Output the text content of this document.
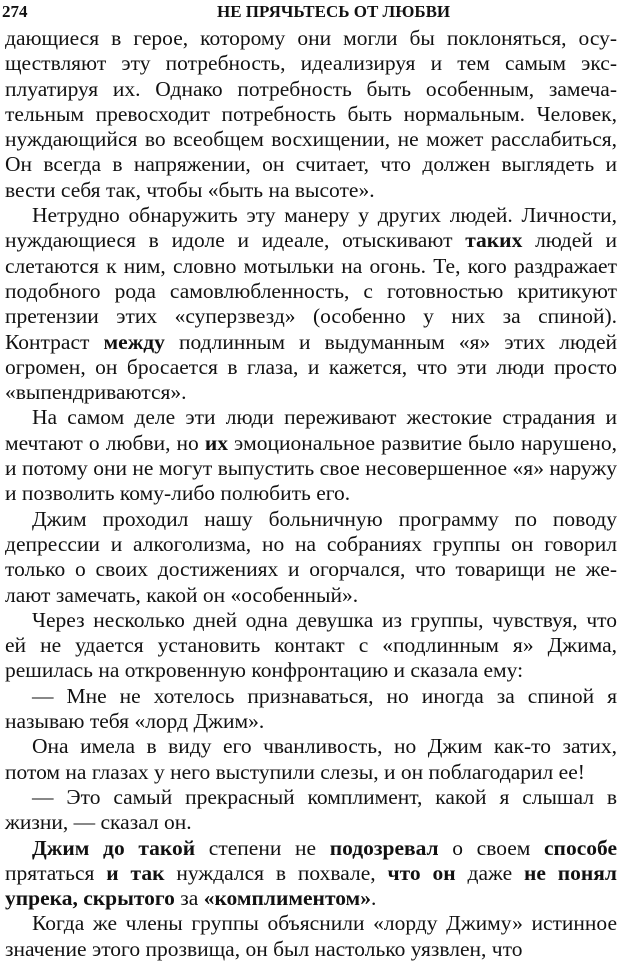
274	НЕ ПРЯЧЬТЕСЬ ОТ ЛЮБВИ
дающиеся в герое, которому они могли бы поклоняться, осу-
ществляют эту потребность, идеализируя и тем самым экс-
плуатируя их. Однако потребность быть особенным, замеча-
тельным превосходит потребность быть нормальным. Человек,
нуждающийся во всеобщем восхищении, не может расслабиться,
Он всегда в напряжении, он считает, что должен выглядеть и
вести себя так, чтобы «быть на высоте».
Нетрудно обнаружить эту манеру у других людей. Личности,
нуждающиеся в идоле и идеале, отыскивают таких людей и
слетаются к ним, словно мотыльки на огонь. Те, кого раздражает
подобного рода самовлюбленность, с готовностью критикуют
претензии этих «суперзвезд» (особенно у них за спиной).
Контраст между подлинным и выдуманным «я» этих людей
огромен, он бросается в глаза, и кажется, что эти люди просто
«выпендриваются».
На самом деле эти люди переживают жестокие страдания и
мечтают о любви, но их эмоциональное развитие было нарушено,
и потому они не могут выпустить свое несовершенное «я» наружу
и позволить кому-либо полюбить его.
Джим проходил нашу больничную программу по поводу
депрессии и алкоголизма, но на собраниях группы он говорил
только о своих достижениях и огорчался, что товарищи не же-
лают замечать, какой он «особенный».
Через несколько дней одна девушка из группы, чувствуя, что
ей не удается установить контакт с «подлинным я» Джима,
решилась на откровенную конфронтацию и сказала ему:
— Мне не хотелось признаваться, но иногда за спиной я
называю тебя «лорд Джим».
Она имела в виду его чванливость, но Джим как-то затих,
потом на глазах у него выступили слезы, и он поблагодарил ее!
— Это самый прекрасный комплимент, какой я слышал в
жизни, — сказал он.
Джим до такой степени не подозревал о своем способе
прятаться и так нуждался в похвале, что он даже не понял
упрека, скрытого за «комплиментом».
Когда же члены группы объяснили «лорду Джиму» истинное
значение этого прозвища, он был настолько уязвлен, что
